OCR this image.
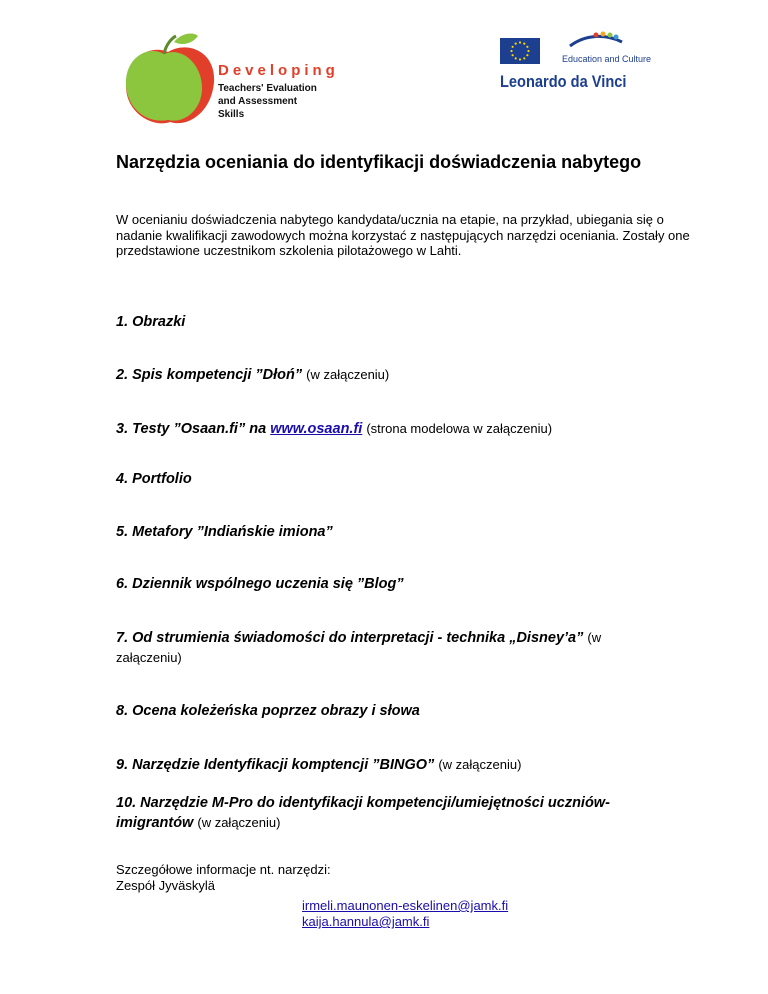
Developing
Teachers' Evaluation
and Assessment Skills
Education and Culture
Leonardo da Vinci
Narzędzia oceniania do identyfikacji doświadczenia nabytego

W ocenianiu doświadczenia nabytego kandydata/ucznia na etapie, na przykład, ubiegania się o nadanie kwalifikacji zawodowych można korzystać z następujących narzędzi oceniania. Zostały one przedstawione uczestnikom szkolenia pilotażowego w Lahti.

1. Obrazki
2. Spis kompetencji ”Dłoń” (w załączeniu)
3. Testy ”Osaan.fi” na www.osaan.fi (strona modelowa w załączeniu)
4. Portfolio
5. Metafory ”Indiańskie imiona”
6. Dziennik wspólnego uczenia się ”Blog”
7. Od strumienia świadomości do interpretacji - technika „Disney’a” (w załączeniu)
8. Ocena koleżeńska poprzez obrazy i słowa
9. Narzędzie Identyfikacji komptencji ”BINGO” (w załączeniu)
10. Narzędzie M-Pro do identyfikacji kompetencji/umiejętności uczniów-imigrantów (w załączeniu)
Szczegółowe informacje nt. narzędzi:
Zespół Jyväskylä
irmeli.maunonen-eskelinen@jamk.fi
kaija.hannula@jamk.fi
